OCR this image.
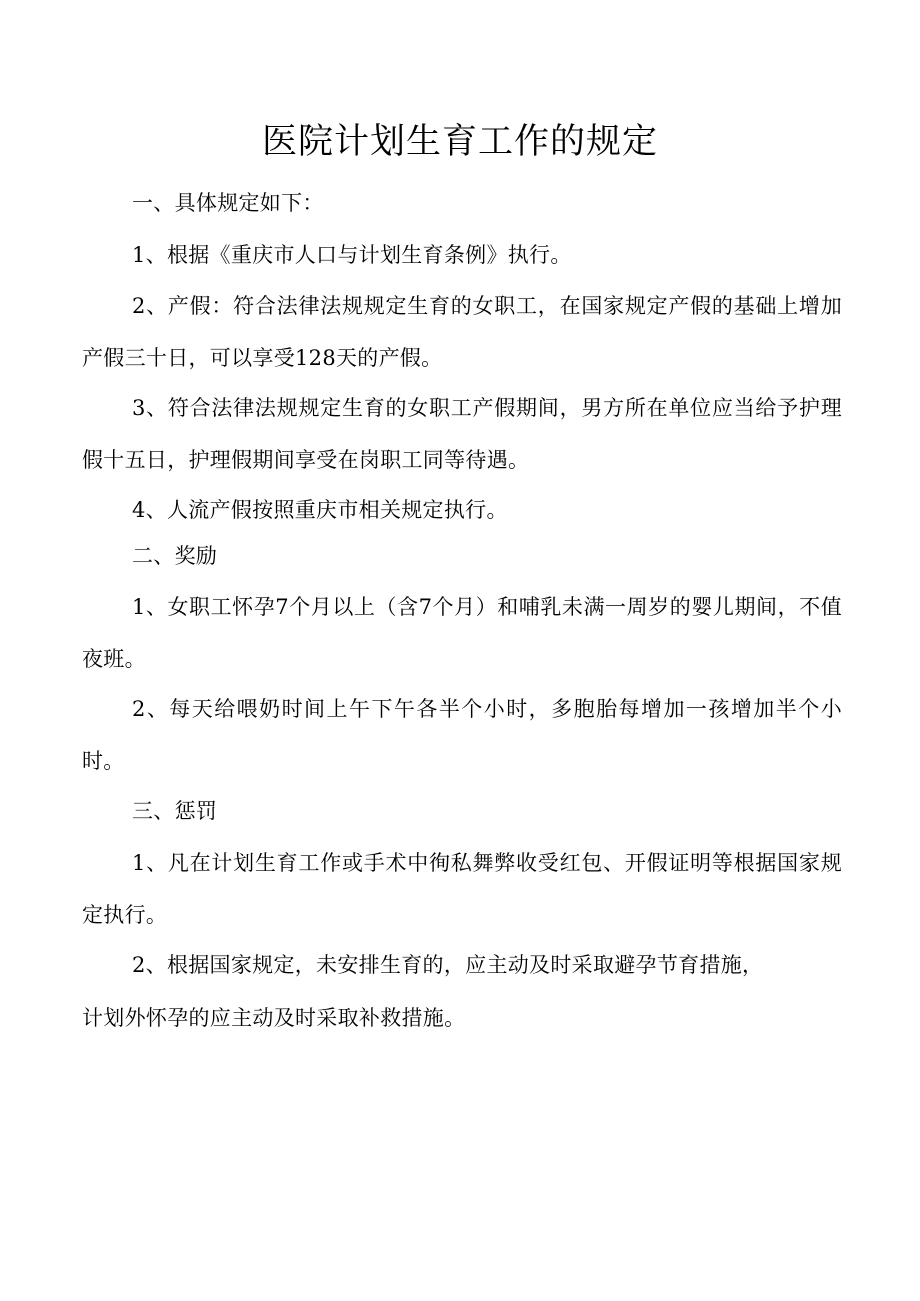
医院计划生育工作的规定

一、具体规定如下：

1、根据《重庆市人口与计划生育条例》执行。

2、产假：符合法律法规规定生育的女职工，在国家规定产假的基础上增加产假三十日，可以享受128天的产假。

3、符合法律法规规定生育的女职工产假期间，男方所在单位应当给予护理假十五日，护理假期间享受在岗职工同等待遇。

4、人流产假按照重庆市相关规定执行。

二、奖励

1、女职工怀孕7个月以上（含7个月）和哺乳未满一周岁的婴儿期间，不值夜班。

2、每天给喂奶时间上午下午各半个小时，多胞胎每增加一孩增加半个小时。

三、惩罚

1、凡在计划生育工作或手术中徇私舞弊收受红包、开假证明等根据国家规定执行。

2、根据国家规定，未安排生育的，应主动及时采取避孕节育措施，

计划外怀孕的应主动及时采取补救措施。
